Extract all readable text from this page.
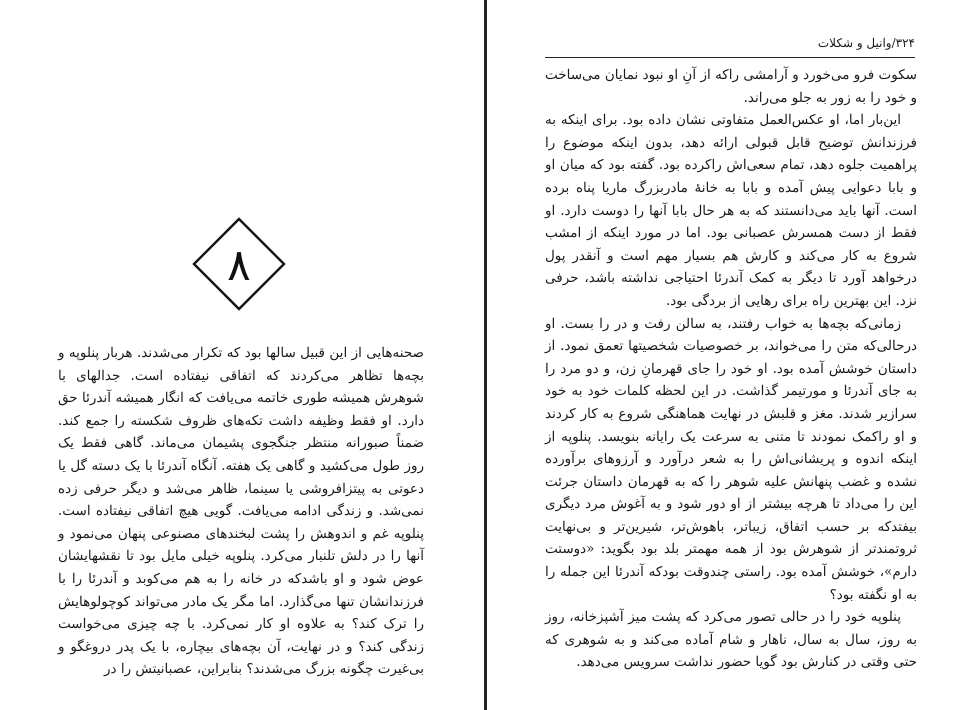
۸

صحنه‌هایی از این قبیل سالها بود که تکرار می‌شدند. هربار پنلوپه و بچه‌ها تظاهر می‌کردند که اتفاقی نیفتاده است. جدالهای با شوهرش همیشه طوری خاتمه می‌یافت که انگار همیشه آندرئا حق دارد. او فقط وظیفه داشت تکه‌های ظروف شکسته را جمع کند. ضمناً صبورانه منتظر جنگجوی پشیمان می‌ماند. گاهی فقط یک روز طول می‌کشید و گاهی یک هفته. آنگاه آندرئا با یک دسته گل یا دعوتی به پیتزافروشی یا سینما، ظاهر می‌شد و دیگر حرفی زده نمی‌شد. و زندگی ادامه می‌یافت. گویی هیچ اتفاقی نیفتاده است. پنلوپه غم و اندوهش را پشت لبخندهای مصنوعی پنهان می‌نمود و آنها را در دلش تلنبار می‌کرد. پنلوپه خیلی مایل بود تا نقشهایشان عوض شود و او باشدکه در خانه را به هم می‌کوبد و آندرئا را با فرزندانشان تنها می‌گذارد. اما مگر یک مادر می‌تواند کوچولوهایش را ترک کند؟ به علاوه او کار نمی‌کرد. با چه چیزی می‌خواست زندگی کند؟ و در نهایت، آن بچه‌های بیچاره، با یک پدر دروغگو و بی‌غیرت چگونه بزرگ می‌شدند؟ بنابراین، عصبانیتش را در

۳۲۴/وانیل و شکلات

سکوت فرو می‌خورد و آرامشی راکه از آنِ او نبود نمایان می‌ساخت و خود را به زور به جلو می‌راند.

این‌بار اما، او عکس‌العمل متفاوتی نشان داده بود. برای اینکه به فرزندانش توضیح قابل قبولی ارائه دهد، بدون اینکه موضوع را پراهمیت جلوه دهد، تمام سعی‌اش راکرده بود. گفته بود که میان او و بابا دعوایی پیش آمده و بابا به خانهٔ مادربزرگ ماریا پناه برده است. آنها باید می‌دانستند که به هر حال بابا آنها را دوست دارد. او فقط از دست همسرش عصبانی بود. اما در مورد اینکه از امشب شروع به کار می‌کند و کارش هم بسیار مهم است و آنقدر پول درخواهد آورد تا دیگر به کمک آندرئا احتیاجی نداشته باشد، حرفی نزد. این بهترین راه برای رهایی از بردگی بود.

زمانی‌که بچه‌ها به خواب رفتند، به سالن رفت و در را بست. او درحالی‌که متن را می‌خواند، بر خصوصیات شخصیتها تعمق نمود. از داستان خوشش آمده بود. او خود را جای قهرمانِ زن، و دو مرد را به جای آندرئا و مورتیمر گذاشت. در این لحظه کلمات خود به خود سرازیر شدند. مغز و قلبش در نهایت هماهنگی شروع به کار کردند و او راکمک نمودند تا متنی به سرعت یک رایانه بنویسد. پنلوپه از اینکه اندوه و پریشانی‌اش را به شعر درآورد و آرزوهای برآورده نشده و غضب پنهانش علیه شوهر را که به قهرمان داستان جرئت این را می‌داد تا هرچه بیشتر از او دور شود و به آغوش مرد دیگری بیفتدکه بر حسب اتفاق، زیباتر، باهوش‌تر، شیرین‌تر و بی‌نهایت ثروتمندتر از شوهرش بود از همه مهمتر بلد بود بگوید: «دوستت دارم»، خوشش آمده بود. راستی چندوقت بودکه آندرئا این جمله را به او نگفته بود؟

پنلوپه خود را در حالی تصور می‌کرد که پشت میز آشپزخانه، روز به روز، سال به سال، ناهار و شام آماده می‌کند و به شوهری که حتی وقتی در کنارش بود گویا حضور نداشت سرویس می‌دهد.
